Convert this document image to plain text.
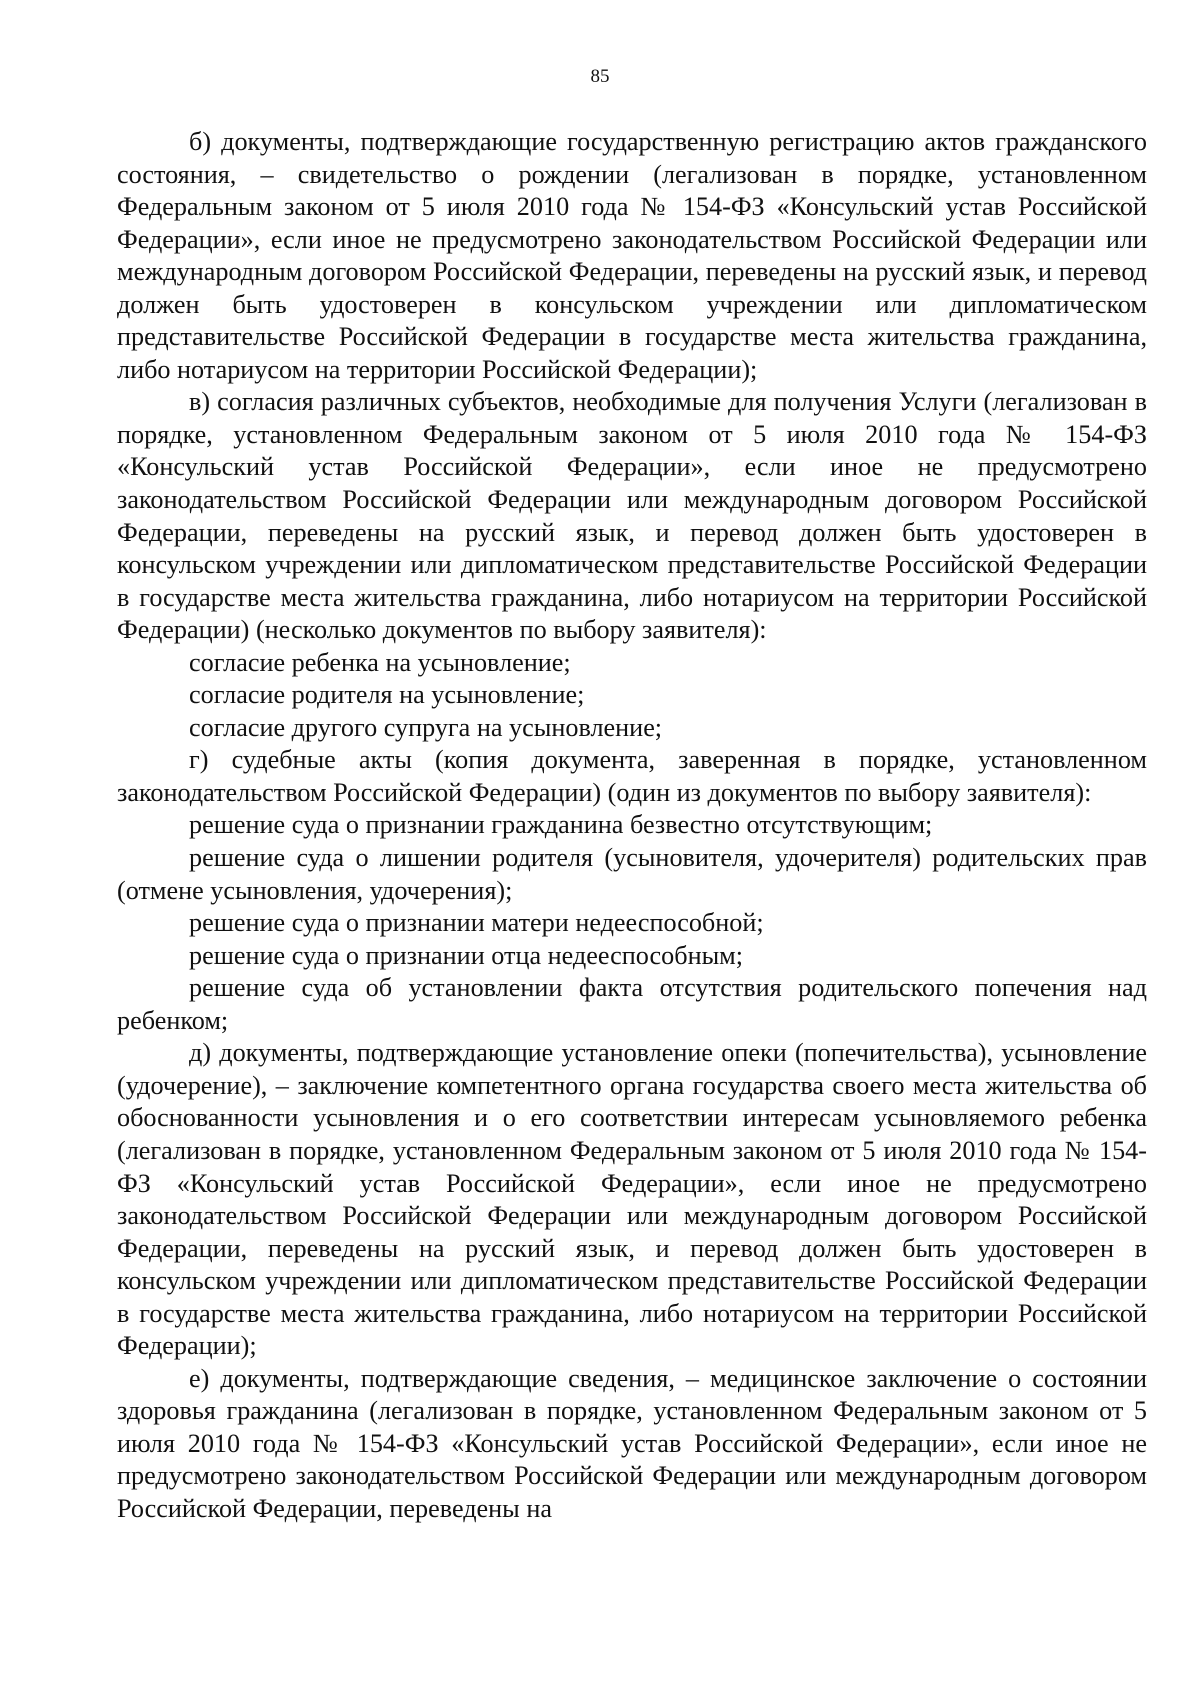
85

б) документы, подтверждающие государственную регистрацию актов гражданского состояния, – свидетельство о рождении (легализован в порядке, установленном Федеральным законом от 5 июля 2010 года № 154-ФЗ «Консульский устав Российской Федерации», если иное не предусмотрено законодательством Российской Федерации или международным договором Российской Федерации, переведены на русский язык, и перевод должен быть удостоверен в консульском учреждении или дипломатическом представительстве Российской Федерации в государстве места жительства гражданина, либо нотариусом на территории Российской Федерации);

в) согласия различных субъектов, необходимые для получения Услуги (легализован в порядке, установленном Федеральным законом от 5 июля 2010 года № 154-ФЗ «Консульский устав Российской Федерации», если иное не предусмотрено законодательством Российской Федерации или международным договором Российской Федерации, переведены на русский язык, и перевод должен быть удостоверен в консульском учреждении или дипломатическом представительстве Российской Федерации в государстве места жительства гражданина, либо нотариусом на территории Российской Федерации) (несколько документов по выбору заявителя):

согласие ребенка на усыновление;

согласие родителя на усыновление;

согласие другого супруга на усыновление;

г) судебные акты (копия документа, заверенная в порядке, установленном законодательством Российской Федерации) (один из документов по выбору заявителя):

решение суда о признании гражданина безвестно отсутствующим;

решение суда о лишении родителя (усыновителя, удочерителя) родительских прав (отмене усыновления, удочерения);

решение суда о признании матери недееспособной;

решение суда о признании отца недееспособным;

решение суда об установлении факта отсутствия родительского попечения над ребенком;

д) документы, подтверждающие установление опеки (попечительства), усыновление (удочерение), – заключение компетентного органа государства своего места жительства об обоснованности усыновления и о его соответствии интересам усыновляемого ребенка (легализован в порядке, установленном Федеральным законом от 5 июля 2010 года № 154-ФЗ «Консульский устав Российской Федерации», если иное не предусмотрено законодательством Российской Федерации или международным договором Российской Федерации, переведены на русский язык, и перевод должен быть удостоверен в консульском учреждении или дипломатическом представительстве Российской Федерации в государстве места жительства гражданина, либо нотариусом на территории Российской Федерации);

е) документы, подтверждающие сведения, – медицинское заключение о состоянии здоровья гражданина (легализован в порядке, установленном Федеральным законом от 5 июля 2010 года № 154-ФЗ «Консульский устав Российской Федерации», если иное не предусмотрено законодательством Российской Федерации или международным договором Российской Федерации, переведены на
